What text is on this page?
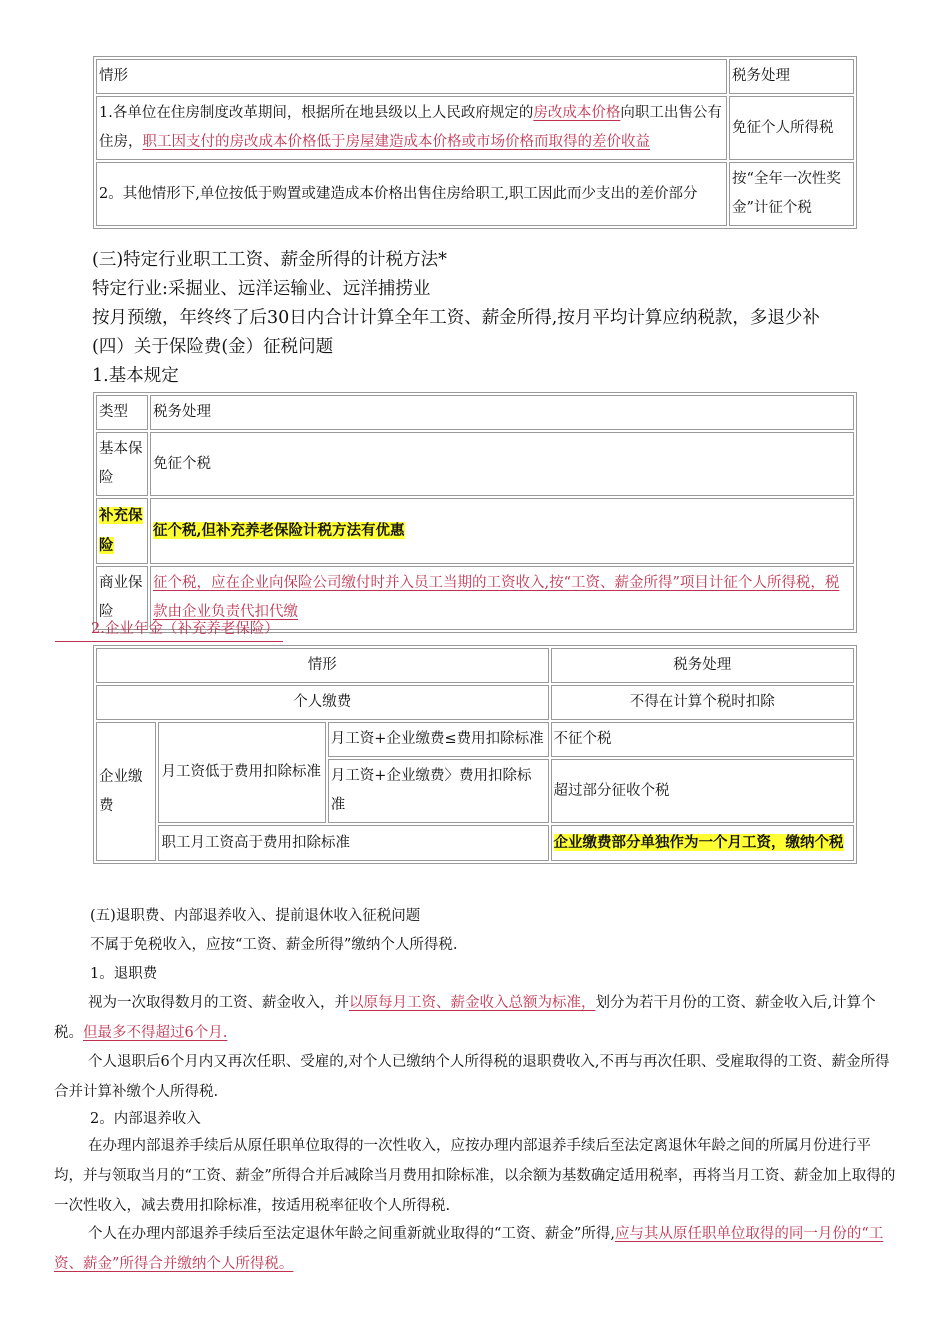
情形	税务处理
1.各单位在住房制度改革期间，根据所在地县级以上人民政府规定的房改成本价格向职工出售公有住房，职工因支付的房改成本价格低于房屋建造成本价格或市场价格而取得的差价收益	免征个人所得税
2。其他情形下,单位按低于购置或建造成本价格出售住房给职工,职工因此而少支出的差价部分	按“全年一次性奖金”计征个税
(三)特定行业职工工资、薪金所得的计税方法*
特定行业:采掘业、远洋运输业、远洋捕捞业
按月预缴，年终终了后30日内合计计算全年工资、薪金所得,按月平均计算应纳税款，多退少补
(四）关于保险费(金）征税问题
1.基本规定
类型	税务处理
基本保险	免征个税
补充保险	征个税,但补充养老保险计税方法有优惠
商业保险	征个税，应在企业向保险公司缴付时并入员工当期的工资收入,按“工资、薪金所得”项目计征个人所得税，税款由企业负责代扣代缴
2.企业年金（补充养老保险）
情形			税务处理
个人缴费			不得在计算个税时扣除
企业缴费	月工资低于费用扣除标准	月工资+企业缴费≤费用扣除标准	不征个税
		月工资+企业缴费〉费用扣除标准	超过部分征收个税
	职工月工资高于费用扣除标准		企业缴费部分单独作为一个月工资，缴纳个税
(五)退职费、内部退养收入、提前退休收入征税问题
不属于免税收入，应按“工资、薪金所得”缴纳个人所得税.
1。退职费
视为一次取得数月的工资、薪金收入，并以原每月工资、薪金收入总额为标准，划分为若干月份的工资、薪金收入后,计算个税。但最多不得超过6个月.
个人退职后6个月内又再次任职、受雇的,对个人已缴纳个人所得税的退职费收入,不再与再次任职、受雇取得的工资、薪金所得合并计算补缴个人所得税.
2。内部退养收入
在办理内部退养手续后从原任职单位取得的一次性收入，应按办理内部退养手续后至法定离退休年龄之间的所属月份进行平均，并与领取当月的“工资、薪金”所得合并后减除当月费用扣除标准，以余额为基数确定适用税率，再将当月工资、薪金加上取得的一次性收入，减去费用扣除标准，按适用税率征收个人所得税.
个人在办理内部退养手续后至法定退休年龄之间重新就业取得的“工资、薪金”所得,应与其从原任职单位取得的同一月份的“工资、薪金”所得合并缴纳个人所得税。
